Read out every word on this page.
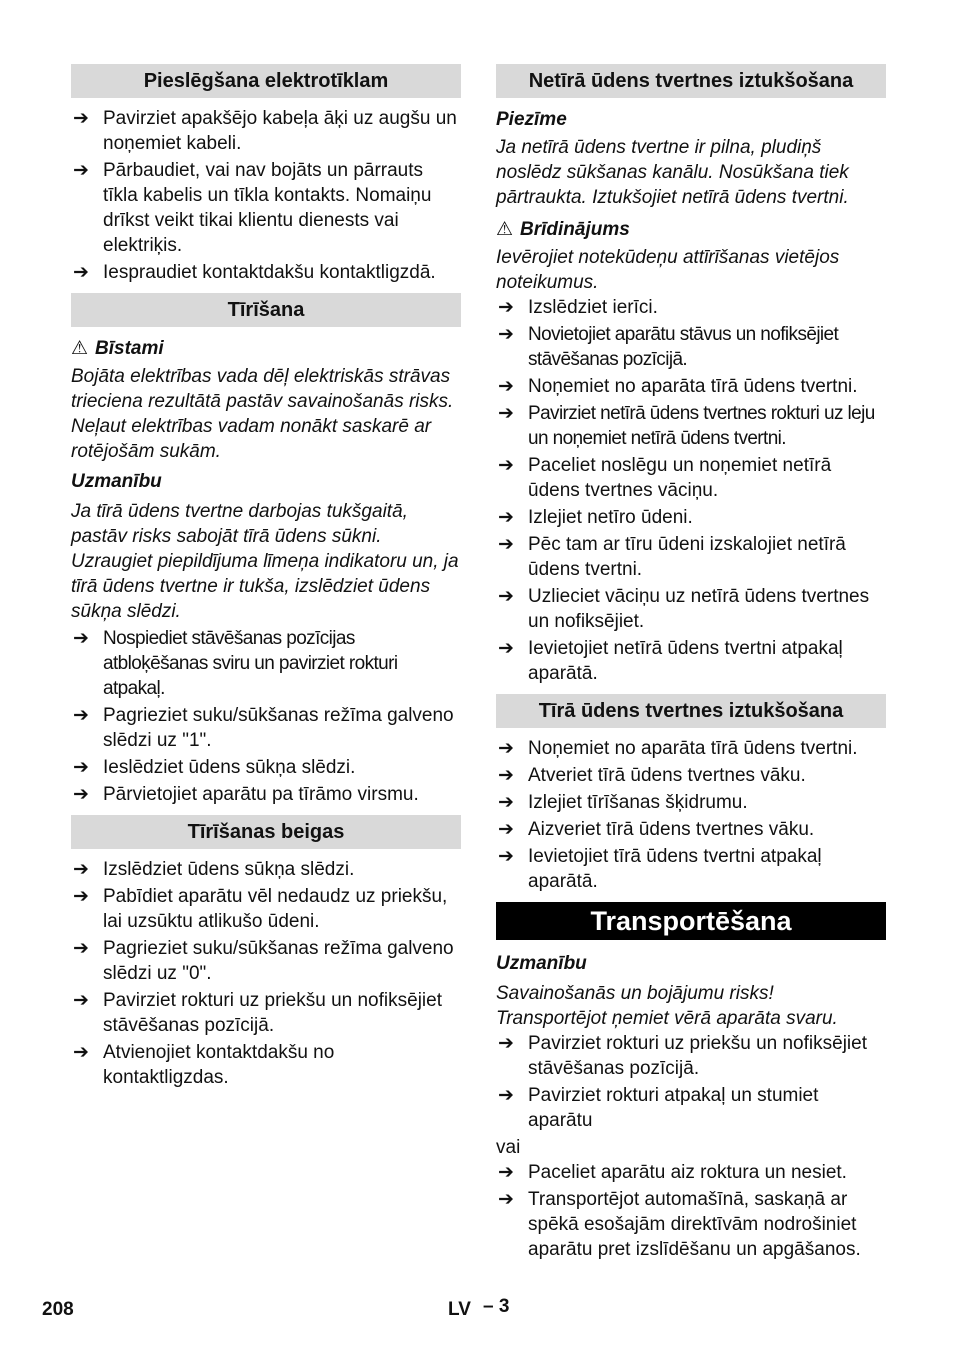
Pieslēgšana elektrotīklam
➔ Pavirziet apakšējo kabeļa āķi uz augšu un noņemiet kabeli.
➔ Pārbaudiet, vai nav bojāts un pārrauts tīkla kabelis un tīkla kontakts. Nomaiņu drīkst veikt tikai klientu dienests vai elektriķis.
➔ Iespraudiet kontaktdakšu kontaktligzdā.
Tīrīšana
⚠ Bīstami
Bojāta elektrības vada dēļ elektriskās strāvas trieciena rezultātā pastāv savainošanās risks. Neļaut elektrības vadam nonākt saskarē ar rotējošām sukām.
Uzmanību
Ja tīrā ūdens tvertne darbojas tukšgaitā, pastāv risks sabojāt tīrā ūdens sūkni. Uzraugiet piepildījuma līmeņa indikatoru un, ja tīrā ūdens tvertne ir tukša, izslēdziet ūdens sūkņa slēdzi.
➔ Nospiediet stāvēšanas pozīcijas atbloķēšanas sviru un pavirziet rokturi atpakaļ.
➔ Pagrieziet suku/sūkšanas režīma galveno slēdzi uz "1".
➔ Ieslēdziet ūdens sūkņa slēdzi.
➔ Pārvietojiet aparātu pa tīrāmo virsmu.
Tīrīšanas beigas
➔ Izslēdziet ūdens sūkņa slēdzi.
➔ Pabīdiet aparātu vēl nedaudz uz priekšu, lai uzsūktu atlikušo ūdeni.
➔ Pagrieziet suku/sūkšanas režīma galveno slēdzi uz "0".
➔ Pavirziet rokturi uz priekšu un nofiksējiet stāvēšanas pozīcijā.
➔ Atvienojiet kontaktdakšu no kontaktligzdas.
Netīrā ūdens tvertnes iztukšošana
Piezīme
Ja netīrā ūdens tvertne ir pilna, pludiņš noslēdz sūkšanas kanālu. Nosūkšana tiek pārtraukta. Iztukšojiet netīrā ūdens tvertni.
⚠ Brīdinājums
Ievērojiet notekūdeņu attīrīšanas vietējos noteikumus.
➔ Izslēdziet ierīci.
➔ Novietojiet aparātu stāvus un nofiksējiet stāvēšanas pozīcijā.
➔ Noņemiet no aparāta tīrā ūdens tvertni.
➔ Pavirziet netīrā ūdens tvertnes rokturi uz leju un noņemiet netīrā ūdens tvertni.
➔ Paceliet noslēgu un noņemiet netīrā ūdens tvertnes vāciņu.
➔ Izlejiet netīro ūdeni.
➔ Pēc tam ar tīru ūdeni izskalojiet netīrā ūdens tvertni.
➔ Uzlieciet vāciņu uz netīrā ūdens tvertnes un nofiksējiet.
➔ Ievietojiet netīrā ūdens tvertni atpakaļ aparātā.
Tīrā ūdens tvertnes iztukšošana
➔ Noņemiet no aparāta tīrā ūdens tvertni.
➔ Atveriet tīrā ūdens tvertnes vāku.
➔ Izlejiet tīrīšanas šķidrumu.
➔ Aizveriet tīrā ūdens tvertnes vāku.
➔ Ievietojiet tīrā ūdens tvertni atpakaļ aparātā.
Transportēšana
Uzmanību
Savainošanās un bojājumu risks! Transportējot ņemiet vērā aparāta svaru.
➔ Pavirziet rokturi uz priekšu un nofiksējiet stāvēšanas pozīcijā.
➔ Pavirziet rokturi atpakaļ un stumiet aparātu
vai
➔ Paceliet aparātu aiz roktura un nesiet.
➔ Transportējot automašīnā, saskaņā ar spēkā esošajām direktīvām nodrošiniet aparātu pret izslīdēšanu un apgāšanos.
208	LV – 3
